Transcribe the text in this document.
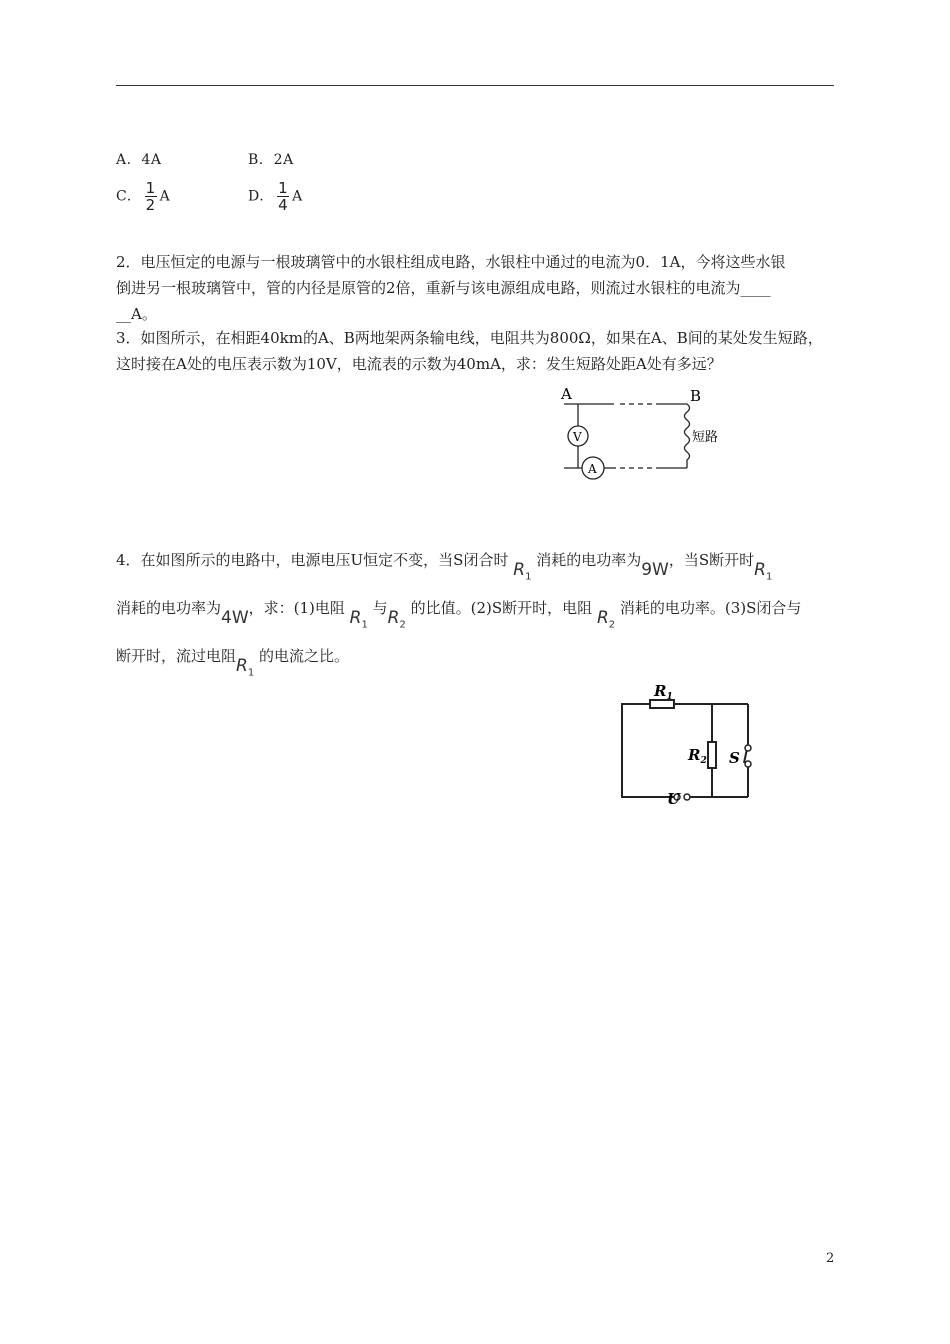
A. 4A	B. 2A
C. $\frac{1}{2}$ A	D. $\frac{1}{4}$ A
2．电压恒定的电源与一根玻璃管中的水银柱组成电路，水银柱中通过的电流为0．1A，今将这些水银
倒进另一根玻璃管中，管的内径是原管的2倍，重新与该电源组成电路，则流过水银柱的电流为____
__A。
3．如图所示，在相距40km的A、B两地架两条输电线，电阻共为800Ω，如果在A、B间的某处发生短路，
这时接在A处的电压表示数为10V，电流表的示数为40mA，求：发生短路处距A处有多远？
A	B
V
A
短路
4．在如图所示的电路中，电源电压U恒定不变，当S闭合时 $R_1$ 消耗的电功率为9W，当S断开时$R_1$
消耗的电功率为4W，求：(1)电阻 $R_1$ 与$R_2$ 的比值。(2)S断开时，电阻 $R_2$ 消耗的电功率。(3)S闭合与
断开时，流过电阻$R_1$ 的电流之比。
$R_1$
$R_2$ S
U
2
